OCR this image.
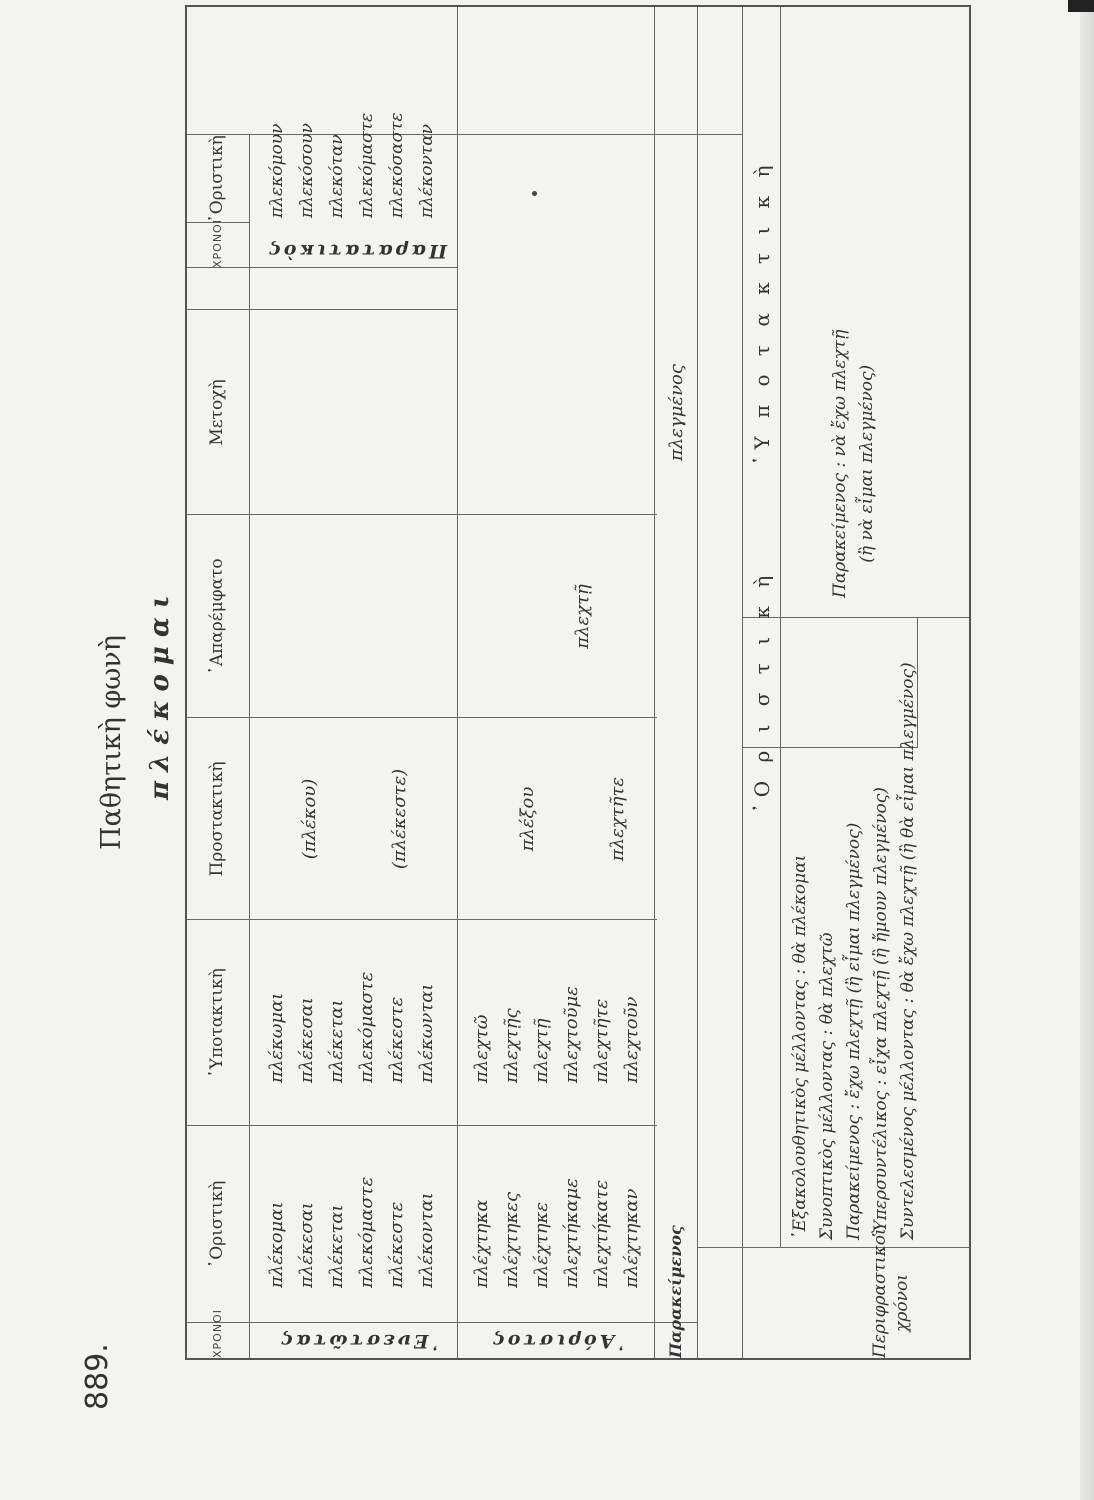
889.
Παθητικὴ φωνὴ πλέκομαι
ΧΡΟΝΟΙ
᾿Οριστικὴ
῾Υποτακτικὴ
Προστακτικὴ
᾿Απαρέμφατο
Μετοχὴ
ΧΡΟΝΟΙ
᾿Οριστικὴ
᾿Ενεστῶτας
πλέκομαι
πλέκεσαι
πλέκεται
πλεκόμαστε
πλέκεστε
πλέκονται
πλέκωμαι
πλέκεσαι
πλέκεται
πλεκόμαστε
πλέκεστε
πλέκωνται
(πλέκου)	(πλέκεστε)
Παρατατικὸς
πλεκόμουν
πλεκόσουν
πλεκόταν
πλεκόμαστε
πλεκόσαστε
πλέκονταν
᾿Αόριστος
πλέχτηκα
πλέχτηκες
πλέχτηκε
πλεχτήκαμε
πλεχτήκατε
πλέχτηκαν
πλεχτῶ
πλεχτῇς
πλεχτῇ
πλεχτοῦμε
πλεχτῆτε
πλεχτοῦν
πλέξου	πλεχτῆτε
πλεχτῇ
Παρακείμενος
πλεγμένος
᾿Ο ρ ι σ τ ι κ ὴ
Περιφραστικοὶ
χρόνοι
᾿Εξακολουθητικὸς μέλλοντας : θὰ πλέκομαι
Συνοπτικὸς μέλλοντας : θὰ πλεχτῶ
Παρακείμενος : ἔχω πλεχτῇ (ἢ εἶμαι πλεγμένος)
῾Υπερσυντέλικος : εἶχα πλεχτῇ (ἢ ἤμουν πλεγμένος)
Συντελεσμένος μέλλοντας : θὰ ἔχω πλεχτῇ (ἢ θὰ εἶμαι πλεγμένος)
῾Υ π ο τ α κ τ ι κ ὴ
Παρακείμενος : νὰ ἔχω πλεχτῇ
(ἢ νὰ εἶμαι πλεγμένος)
